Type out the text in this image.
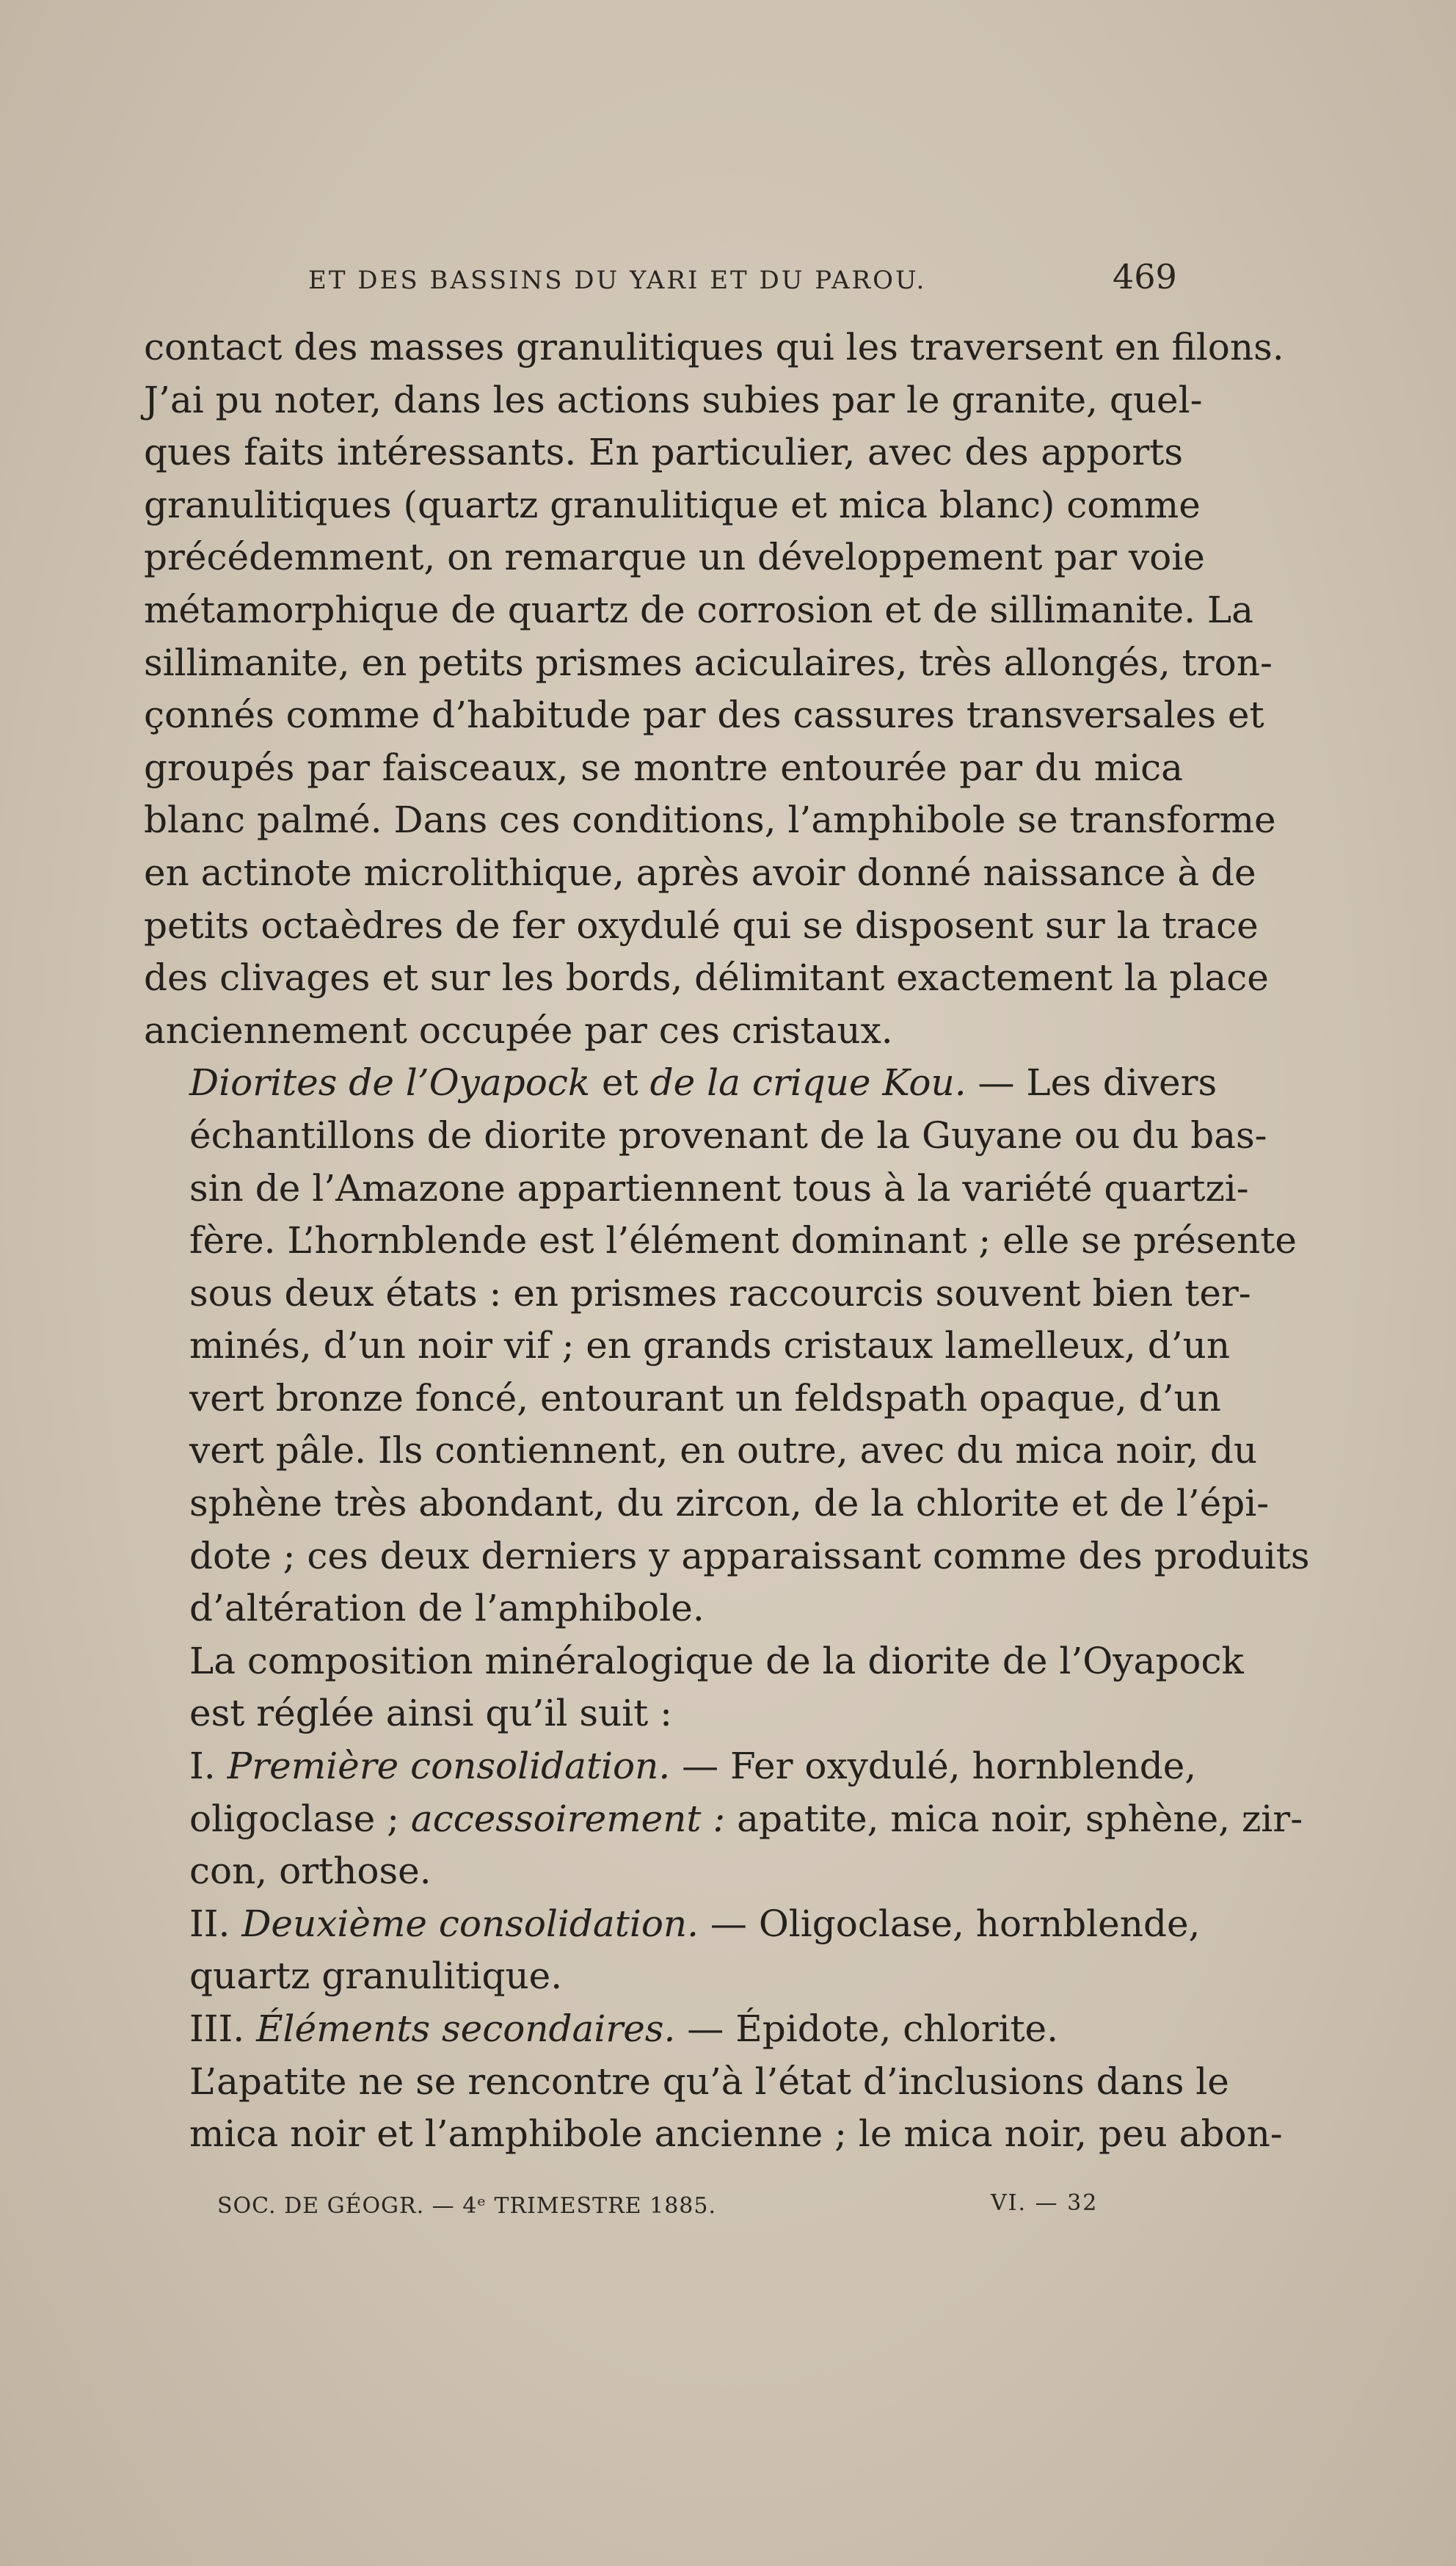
ET DES BASSINS DU YARI ET DU PAROU.	469

contact des masses granulitiques qui les traversent en filons.
J’ai pu noter, dans les actions subies par le granite, quel-
ques faits intéressants. En particulier, avec des apports
granulitiques (quartz granulitique et mica blanc) comme
précédemment, on remarque un développement par voie
métamorphique de quartz de corrosion et de sillimanite. La
sillimanite, en petits prismes aciculaires, très allongés, tron-
çonnés comme d’habitude par des cassures transversales et
groupés par faisceaux, se montre entourée par du mica
blanc palmé. Dans ces conditions, l’amphibole se transforme
en actinote microlithique, après avoir donné naissance à de
petits octaèdres de fer oxydulé qui se disposent sur la trace
des clivages et sur les bords, délimitant exactement la place
anciennement occupée par ces cristaux.

Diorites de l’Oyapock et de la crique Kou. — Les divers
échantillons de diorite provenant de la Guyane ou du bas-
sin de l’Amazone appartiennent tous à la variété quartzi-
fère. L’hornblende est l’élément dominant ; elle se présente
sous deux états : en prismes raccourcis souvent bien ter-
minés, d’un noir vif ; en grands cristaux lamelleux, d’un
vert bronze foncé, entourant un feldspath opaque, d’un
vert pâle. Ils contiennent, en outre, avec du mica noir, du
sphène très abondant, du zircon, de la chlorite et de l’épi-
dote ; ces deux derniers y apparaissant comme des produits
d’altération de l’amphibole.

La composition minéralogique de la diorite de l’Oyapock
est réglée ainsi qu’il suit :

I. Première consolidation. — Fer oxydulé, hornblende,
oligoclase ; accessoirement : apatite, mica noir, sphène, zir-
con, orthose.

II. Deuxième consolidation. — Oligoclase, hornblende,
quartz granulitique.

III. Éléments secondaires. — Épidote, chlorite.

L’apatite ne se rencontre qu’à l’état d’inclusions dans le
mica noir et l’amphibole ancienne ; le mica noir, peu abon-

SOC. DE GÉOGR. — 4ᵉ TRIMESTRE 1885.	VI. — 32
